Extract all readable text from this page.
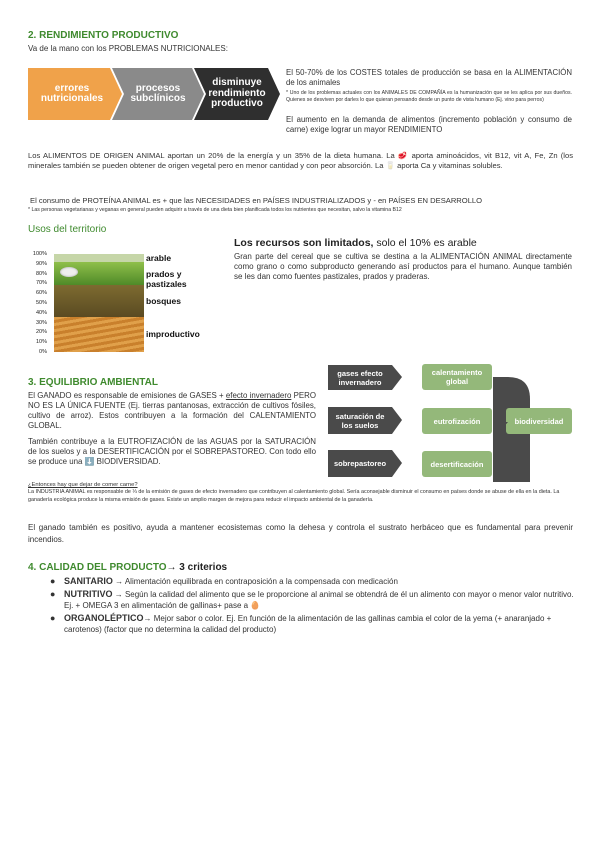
2. RENDIMIENTO PRODUCTIVO
Va de la mano con los PROBLEMAS NUTRICIONALES:
errores nutricionales
procesos subclínicos
disminuye rendimiento productivo
El 50-70% de los COSTES totales de producción se basa en la ALIMENTACIÓN de los animales
* Uno de los problemas actuales con los ANIMALES DE COMPAÑÍA es la humanización que se les aplica por sus dueños. Quienes se desviven por darles lo que quieran pensando desde un punto de vista humano (Ej. vino para perros)
El aumento en la demanda de alimentos (incremento población y consumo de carne) exige lograr un mayor RENDIMIENTO
Los ALIMENTOS DE ORIGEN ANIMAL aportan un 20% de la energía y un 35% de la dieta humana. La 🥩 aporta aminoácidos, vit B12, vit A, Fe, Zn (los minerales también se pueden obtener de origen vegetal pero en menor cantidad y con peor absorción. La 🥛 aporta Ca y vitaminas solubles.
El consumo de PROTEÍNA ANIMAL es + que las NECESIDADES en PAÍSES INDUSTRIALIZADOS y - en PAÍSES EN DESARROLLO
* Las personas vegetarianas y veganas en general pueden adquirir a través de una dieta bien planificada todos los nutrientes que necesitan, salvo la vitamina B12
Usos del territorio
100%
90%
80%
70%
60%
50%
40%
30%
20%
10%
0%
arable
prados y pastizales
bosques
improductivo
Los recursos son limitados, solo el 10% es arable
Gran parte del cereal que se cultiva se destina a la ALIMENTACIÓN ANIMAL directamente como grano o como subproducto generando así productos para el humano. Aunque también se les dan como fuentes pastizales, prados y praderas.
3. EQUILIBRIO AMBIENTAL
El GANADO es responsable de emisiones de GASES + efecto invernadero PERO NO ES LA ÚNICA FUENTE (Ej. tierras pantanosas, extracción de cultivos fósiles, cultivo de arroz). Estos contribuyen a la formación del CALENTAMIENTO GLOBAL.
También contribuye a la EUTROFIZACIÓN de las AGUAS por la SATURACIÓN de los suelos y a la DESERTIFICACIÓN por el SOBREPASTOREO. Con todo ello se produce una ⬇️ BIODIVERSIDAD.
gases efecto invernadero
saturación de los suelos
sobrepastoreo
calentamiento global
eutrofización
desertificación
biodiversidad
¿Entonces hay que dejar de comer carne?
La INDUSTRIA ANIMAL es responsable de ⅓ de la emisión de gases de efecto invernadero que contribuyen al calentamiento global. Sería aconsejable disminuir el consumo en países donde se abuse de ella en la dieta. La ganadería ecológica produce la misma emisión de gases. Existe un amplio margen de mejora para reducir el impacto ambiental de la ganadería.
El ganado también es positivo, ayuda a mantener ecosistemas como la dehesa y controla el sustrato herbáceo que es fundamental para prevenir incendios.
4. CALIDAD DEL PRODUCTO→ 3 criterios
● SANITARIO → Alimentación equilibrada en contraposición a la compensada con medicación
● NUTRITIVO → Según la calidad del alimento que se le proporcione al animal se obtendrá de él un alimento con mayor o menor valor nutritivo. Ej. + OMEGA 3 en alimentación de gallinas+ pase a 🥚
● ORGANOLÉPTICO→ Mejor sabor o color. Ej. En función de la alimentación de las gallinas cambia el color de la yema (+ anaranjado + carotenos) (factor que no determina la calidad del producto)
